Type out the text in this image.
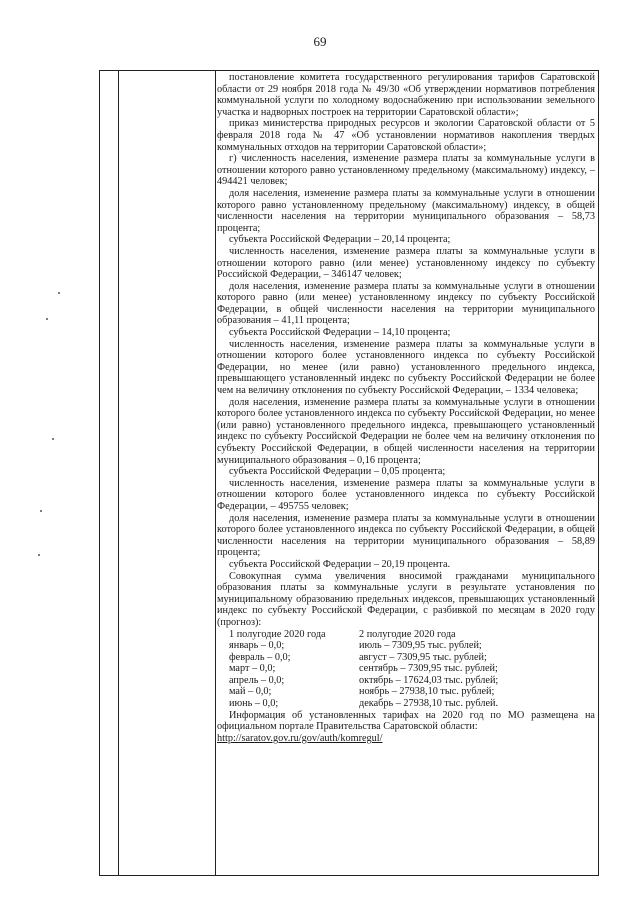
69

постановление комитета государственного регулирования тарифов Саратовской области от 29 ноября 2018 года № 49/30 «Об утверждении нормативов потребления коммунальной услуги по холодному водоснабжению при использовании земельного участка и надворных построек на территории Саратовской области»;

приказ министерства природных ресурсов и экологии Саратовской области от 5 февраля 2018 года № 47 «Об установлении нормативов накопления твердых коммунальных отходов на территории Саратовской области»;

г) численность населения, изменение размера платы за коммунальные услуги в отношении которого равно установленному предельному (максимальному) индексу, – 494421 человек;

доля населения, изменение размера платы за коммунальные услуги в отношении которого равно установленному предельному (максимальному) индексу, в общей численности населения на территории муниципального образования – 58,73 процента;

субъекта Российской Федерации – 20,14 процента;

численность населения, изменение размера платы за коммунальные услуги в отношении которого равно (или менее) установленному индексу по субъекту Российской Федерации, – 346147 человек;

доля населения, изменение размера платы за коммунальные услуги в отношении которого равно (или менее) установленному индексу по субъекту Российской Федерации, в общей численности населения на территории муниципального образования – 41,11 процента;

субъекта Российской Федерации – 14,10 процента;

численность населения, изменение размера платы за коммунальные услуги в отношении которого более установленного индекса по субъекту Российской Федерации, но менее (или равно) установленного предельного индекса, превышающего установленный индекс по субъекту Российской Федерации не более чем на величину отклонения по субъекту Российской Федерации, – 1334 человека;

доля населения, изменение размера платы за коммунальные услуги в отношении которого более установленного индекса по субъекту Российской Федерации, но менее (или равно) установленного предельного индекса, превышающего установленный индекс по субъекту Российской Федерации не более чем на величину отклонения по субъекту Российской Федерации, в общей численности населения на территории муниципального образования – 0,16 процента;

субъекта Российской Федерации – 0,05 процента;

численность населения, изменение размера платы за коммунальные услуги в отношении которого более установленного индекса по субъекту Российской Федерации, – 495755 человек;

доля населения, изменение размера платы за коммунальные услуги в отношении которого более установленного индекса по субъекту Российской Федерации, в общей численности населения на территории муниципального образования – 58,89 процента;

субъекта Российской Федерации – 20,19 процента.

Совокупная сумма увеличения вносимой гражданами муниципального образования платы за коммунальные услуги в результате установления по муниципальному образованию предельных индексов, превышающих установленный индекс по субъекту Российской Федерации, с разбивкой по месяцам в 2020 году (прогноз):

1 полугодие 2020 года
январь – 0,0;
февраль – 0,0;
март – 0,0;
апрель – 0,0;
май – 0,0;
июнь – 0,0;
2 полугодие 2020 года
июль – 7309,95 тыс. рублей;
август – 7309,95 тыс. рублей;
сентябрь – 7309,95 тыс. рублей;
октябрь – 17624,03 тыс. рублей;
ноябрь – 27938,10 тыс. рублей;
декабрь – 27938,10 тыс. рублей.

Информация об установленных тарифах на 2020 год по МО размещена на официальном портале Правительства Саратовской области:

http://saratov.gov.ru/gov/auth/komregul/
